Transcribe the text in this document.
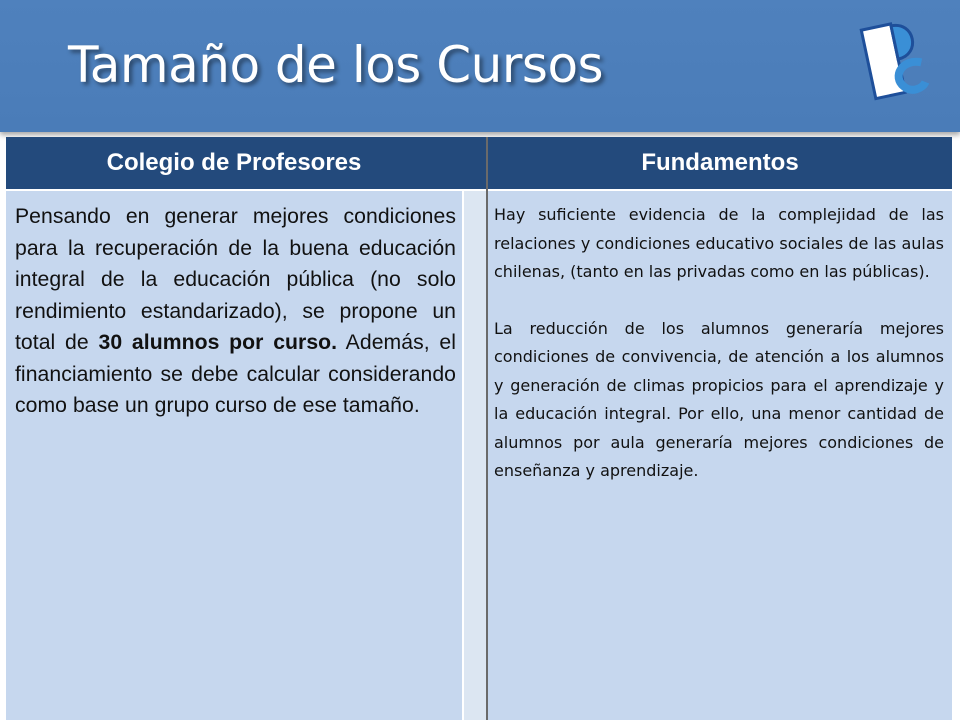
Tamaño de los Cursos
Colegio de Profesores	Fundamentos
Pensando en generar mejores condiciones para la recuperación de la buena educación integral de la educación pública (no solo rendimiento estandarizado), se propone un total de 30 alumnos por curso. Además, el financiamiento se debe calcular considerando como base un grupo curso de ese tamaño.

Hay suficiente evidencia de la complejidad de las relaciones y condiciones educativo sociales de las aulas chilenas, (tanto en las privadas como en las públicas).

La reducción de los alumnos generaría mejores condiciones de convivencia, de atención a los alumnos y generación de climas propicios para el aprendizaje y la educación integral. Por ello, una menor cantidad de alumnos por aula generaría mejores condiciones de enseñanza y aprendizaje.
